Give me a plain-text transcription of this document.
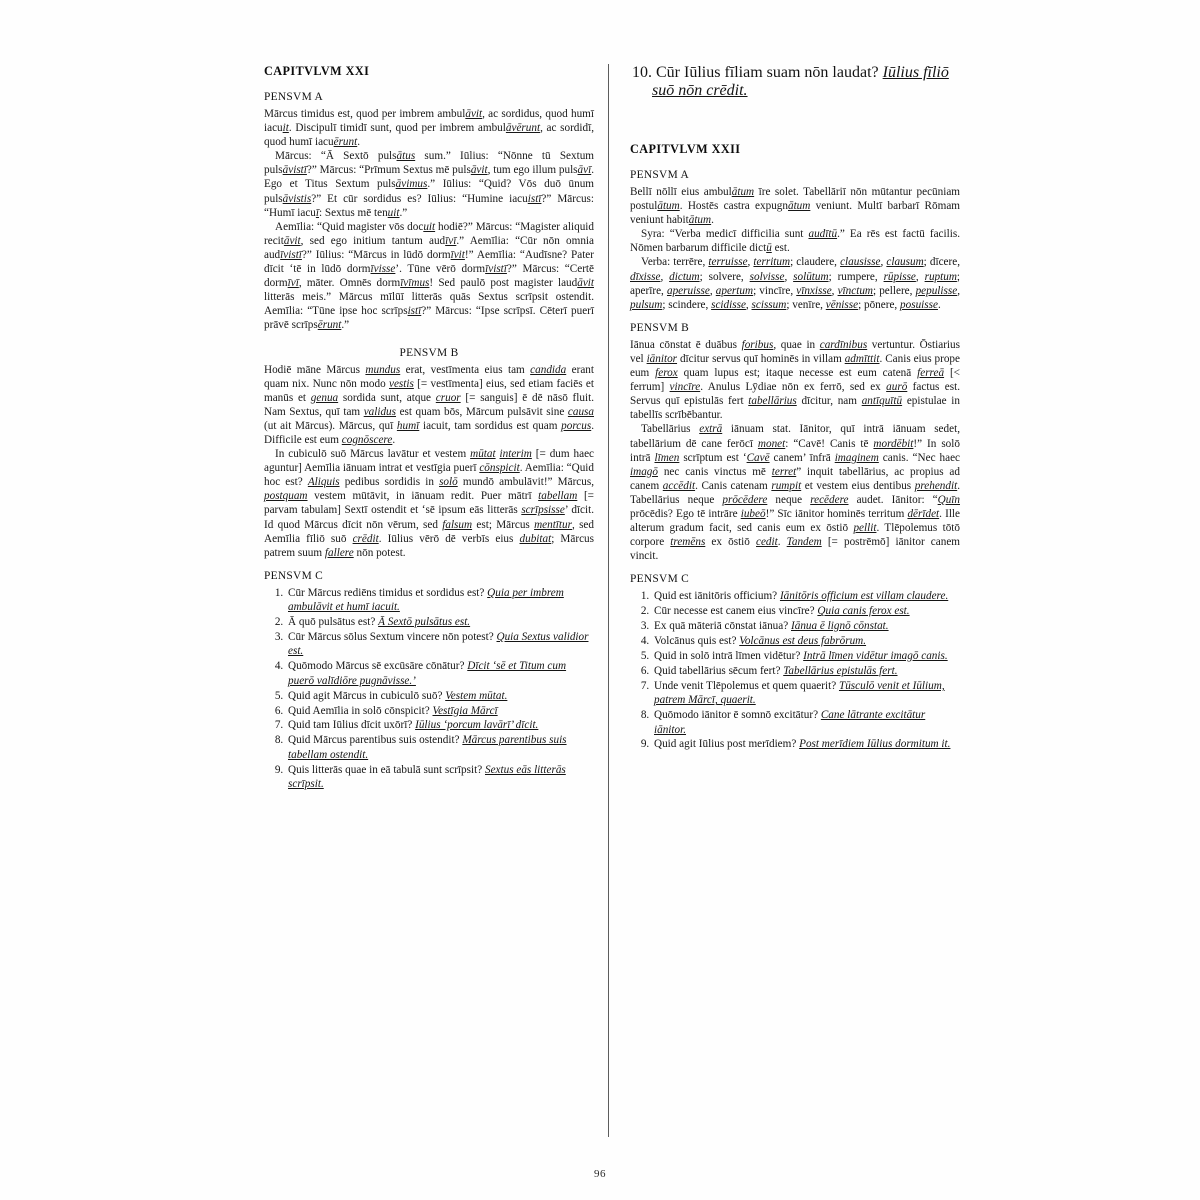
CAPITVLVM XXI
PENSVM A

Mārcus timidus est, quod per imbrem ambulāvit, ac sordidus, quod humī iacuit. Discipulī timidī sunt, quod per imbrem ambulāvērunt, ac sordidī, quod humī iacuērunt.

Mārcus: “Ā Sextō pulsātus sum.” Iūlius: “Nōnne tū Sextum pulsāvistī?” Mārcus: “Prīmum Sextus mē pulsāvit, tum ego illum pulsāvī. Ego et Titus Sextum pulsāvimus.” Iūlius: “Quid? Vōs duō ūnum pulsāvistis?” Et cūr sordidus es? Iūlius: “Humine iacuistī?” Mārcus: “Humī iacuī: Sextus mē tenuit.”

Aemīlia: “Quid magister vōs docuit hodiē?” Mārcus: “Magister aliquid recitāvit, sed ego initium tantum audīvī.” Aemīlia: “Cūr nōn omnia audīvistī?” Iūlius: “Mārcus in lūdō dormīvit!” Aemīlia: “Audīsne? Pater dīcit ‘tē in lūdō dormīvisse’. Tūne vērō dormīvistī?” Mārcus: “Certē dormīvī, māter. Omnēs dormīvīmus! Sed paulō post magister laudāvit litterās meis.” Mārcus mīlūī litterās quās Sextus scrīpsit ostendit. Aemīlia: “Tūne ipse hoc scrīpsistī?” Mārcus: “Ipse scrīpsī. Cēterī puerī prāvē scrīpsērunt.”

PENSVM B

Hodiē māne Mārcus mundus erat, vestīmenta eius tam candida erant quam nix. Nunc nōn modo vestis [= vestīmenta] eius, sed etiam faciēs et manūs et genua sordida sunt, atque cruor [= sanguis] ē dē nāsō fluit. Nam Sextus, quī tam validus est quam bōs, Mārcum pulsāvit sine causa (ut ait Mārcus). Mārcus, quī humī iacuit, tam sordidus est quam porcus. Difficile est eum cognōscere.

In cubiculō suō Mārcus lavātur et vestem mūtat interim [= dum haec aguntur] Aemīlia iānuam intrat et vestīgia puerī cōnspicit. Aemīlia: “Quid hoc est? Aliquis pedibus sordidis in solō mundō ambulāvit!” Mārcus, postquam vestem mūtāvit, in iānuam redit. Puer mātrī tabellam [= parvam tabulam] Sextī ostendit et ‘sē ipsum eās litterās scrīpsisse’ dīcit. Id quod Mārcus dīcit nōn vērum, sed falsum est; Mārcus mentītur, sed Aemīlia fīliō suō crēdit. Iūlius vērō dē verbīs eius dubitat; Mārcus patrem suum fallere nōn potest.

PENSVM C
1. Cūr Mārcus rediēns timidus et sordidus est? Quia per imbrem ambulāvit et humī iacuit.
2. Ā quō pulsātus est? Ā Sextō pulsātus est.
3. Cūr Mārcus sōlus Sextum vincere nōn potest? Quia Sextus validior est.
4. Quōmodo Mārcus sē excūsāre cōnātur? Dīcit ‘sē et Titum cum puerō valīdiōre pugnāvisse.’
5. Quid agit Mārcus in cubiculō suō? Vestem mūtat.
6. Quid Aemīlia in solō cōnspicit? Vestīgia Mārcī
7. Quid tam Iūlius dīcit uxōrī? Iūlius ‘porcum lavārī’ dīcit.
8. Quid Mārcus parentibus suis ostendit? Mārcus parentibus suis tabellam ostendit.
9. Quis litterās quae in eā tabulā sunt scrīpsit? Sextus eās litterās scrīpsit.
10. Cūr Iūlius fīliam suam nōn laudat? Iūlius fīliō suō nōn crēdit.
CAPITVLVM XXII
PENSVM A

Bellī nōllī eius ambulātum īre solet. Tabellāriī nōn mūtantur pecūniam postulātum. Hostēs castra expugnātum veniunt. Multī barbarī Rōmam veniunt habitātum.

Syra: “Verba medicī difficilia sunt audītū.” Ea rēs est factū facilis. Nōmen barbarum difficile dictū est.

Verba: terrēre, terruisse, territum; claudere, clausisse, clausum; dīcere, dīxisse, dictum; solvere, solvisse, solūtum; rumpere, rūpisse, ruptum; aperīre, aperuisse, apertum; vincīre, vīnxisse, vīnctum; pellere, pepulisse, pulsum; scindere, scidisse, scissum; venīre, vēnisse; pōnere, posuisse.
PENSVM B

Iānua cōnstat ē duābus foribus, quae in cardīnibus vertuntur. Ōstiarius vel iānitor dīcitur servus quī hominēs in villam admīttit. Canis eius prope eum ferox quam lupus est; itaque necesse est eum catenā ferreā [< ferrum] vincīre. Anulus Lȳdiae nōn ex ferrō, sed ex aurō factus est. Servus quī epistulās fert tabellārius dīcitur, nam antīquītū epistulae in tabellīs scrībēbantur.

Tabellārius extrā iānuam stat. Iānitor, quī intrā iānuam sedet, tabellārium dē cane ferōcī monet: “Cavē! Canis tē mordēbit!” In solō intrā līmen scrīptum est ‘Cavē canem’ īnfrā imaginem canis. “Nec haec imagō nec canis vinctus mē terret” inquit tabellārius, ac propius ad canem accēdit. Canis catenam rumpit et vestem eius dentibus prehendit. Tabellārius neque prōcēdere neque recēdere audet. Iānitor: “Quīn prōcēdis? Ego tē intrāre iubeō!” Sīc iānitor hominēs territum dērīdet. Ille alterum gradum facit, sed canis eum ex ōstiō pellit. Tlēpolemus tōtō corpore tremēns ex ōstiō cedit. Tandem [= postrēmō] iānitor canem vincit.

PENSVM C
1. Quid est iānitōris officium? Iānitōris officium est villam claudere.
2. Cūr necesse est canem eius vincīre? Quia canis ferox est.
3. Ex quā māteriā cōnstat iānua? Iānua ē lignō cōnstat.
4. Volcānus quis est? Volcānus est deus fabrōrum.
5. Quid in solō intrā līmen vidētur? Intrā līmen vidētur imagō canis.
6. Quid tabellārius sēcum fert? Tabellārius epistulās fert.
7. Unde venit Tlēpolemus et quem quaerit? Tūsculō venit et Iūlium, patrem Mārcī, quaerit.
8. Quōmodo iānitor ē somnō excitātur? Cane lātrante excitātur iānitor.
9. Quid agit Iūlius post merīdiem? Post merīdiem Iūlius dormitum it.
96
